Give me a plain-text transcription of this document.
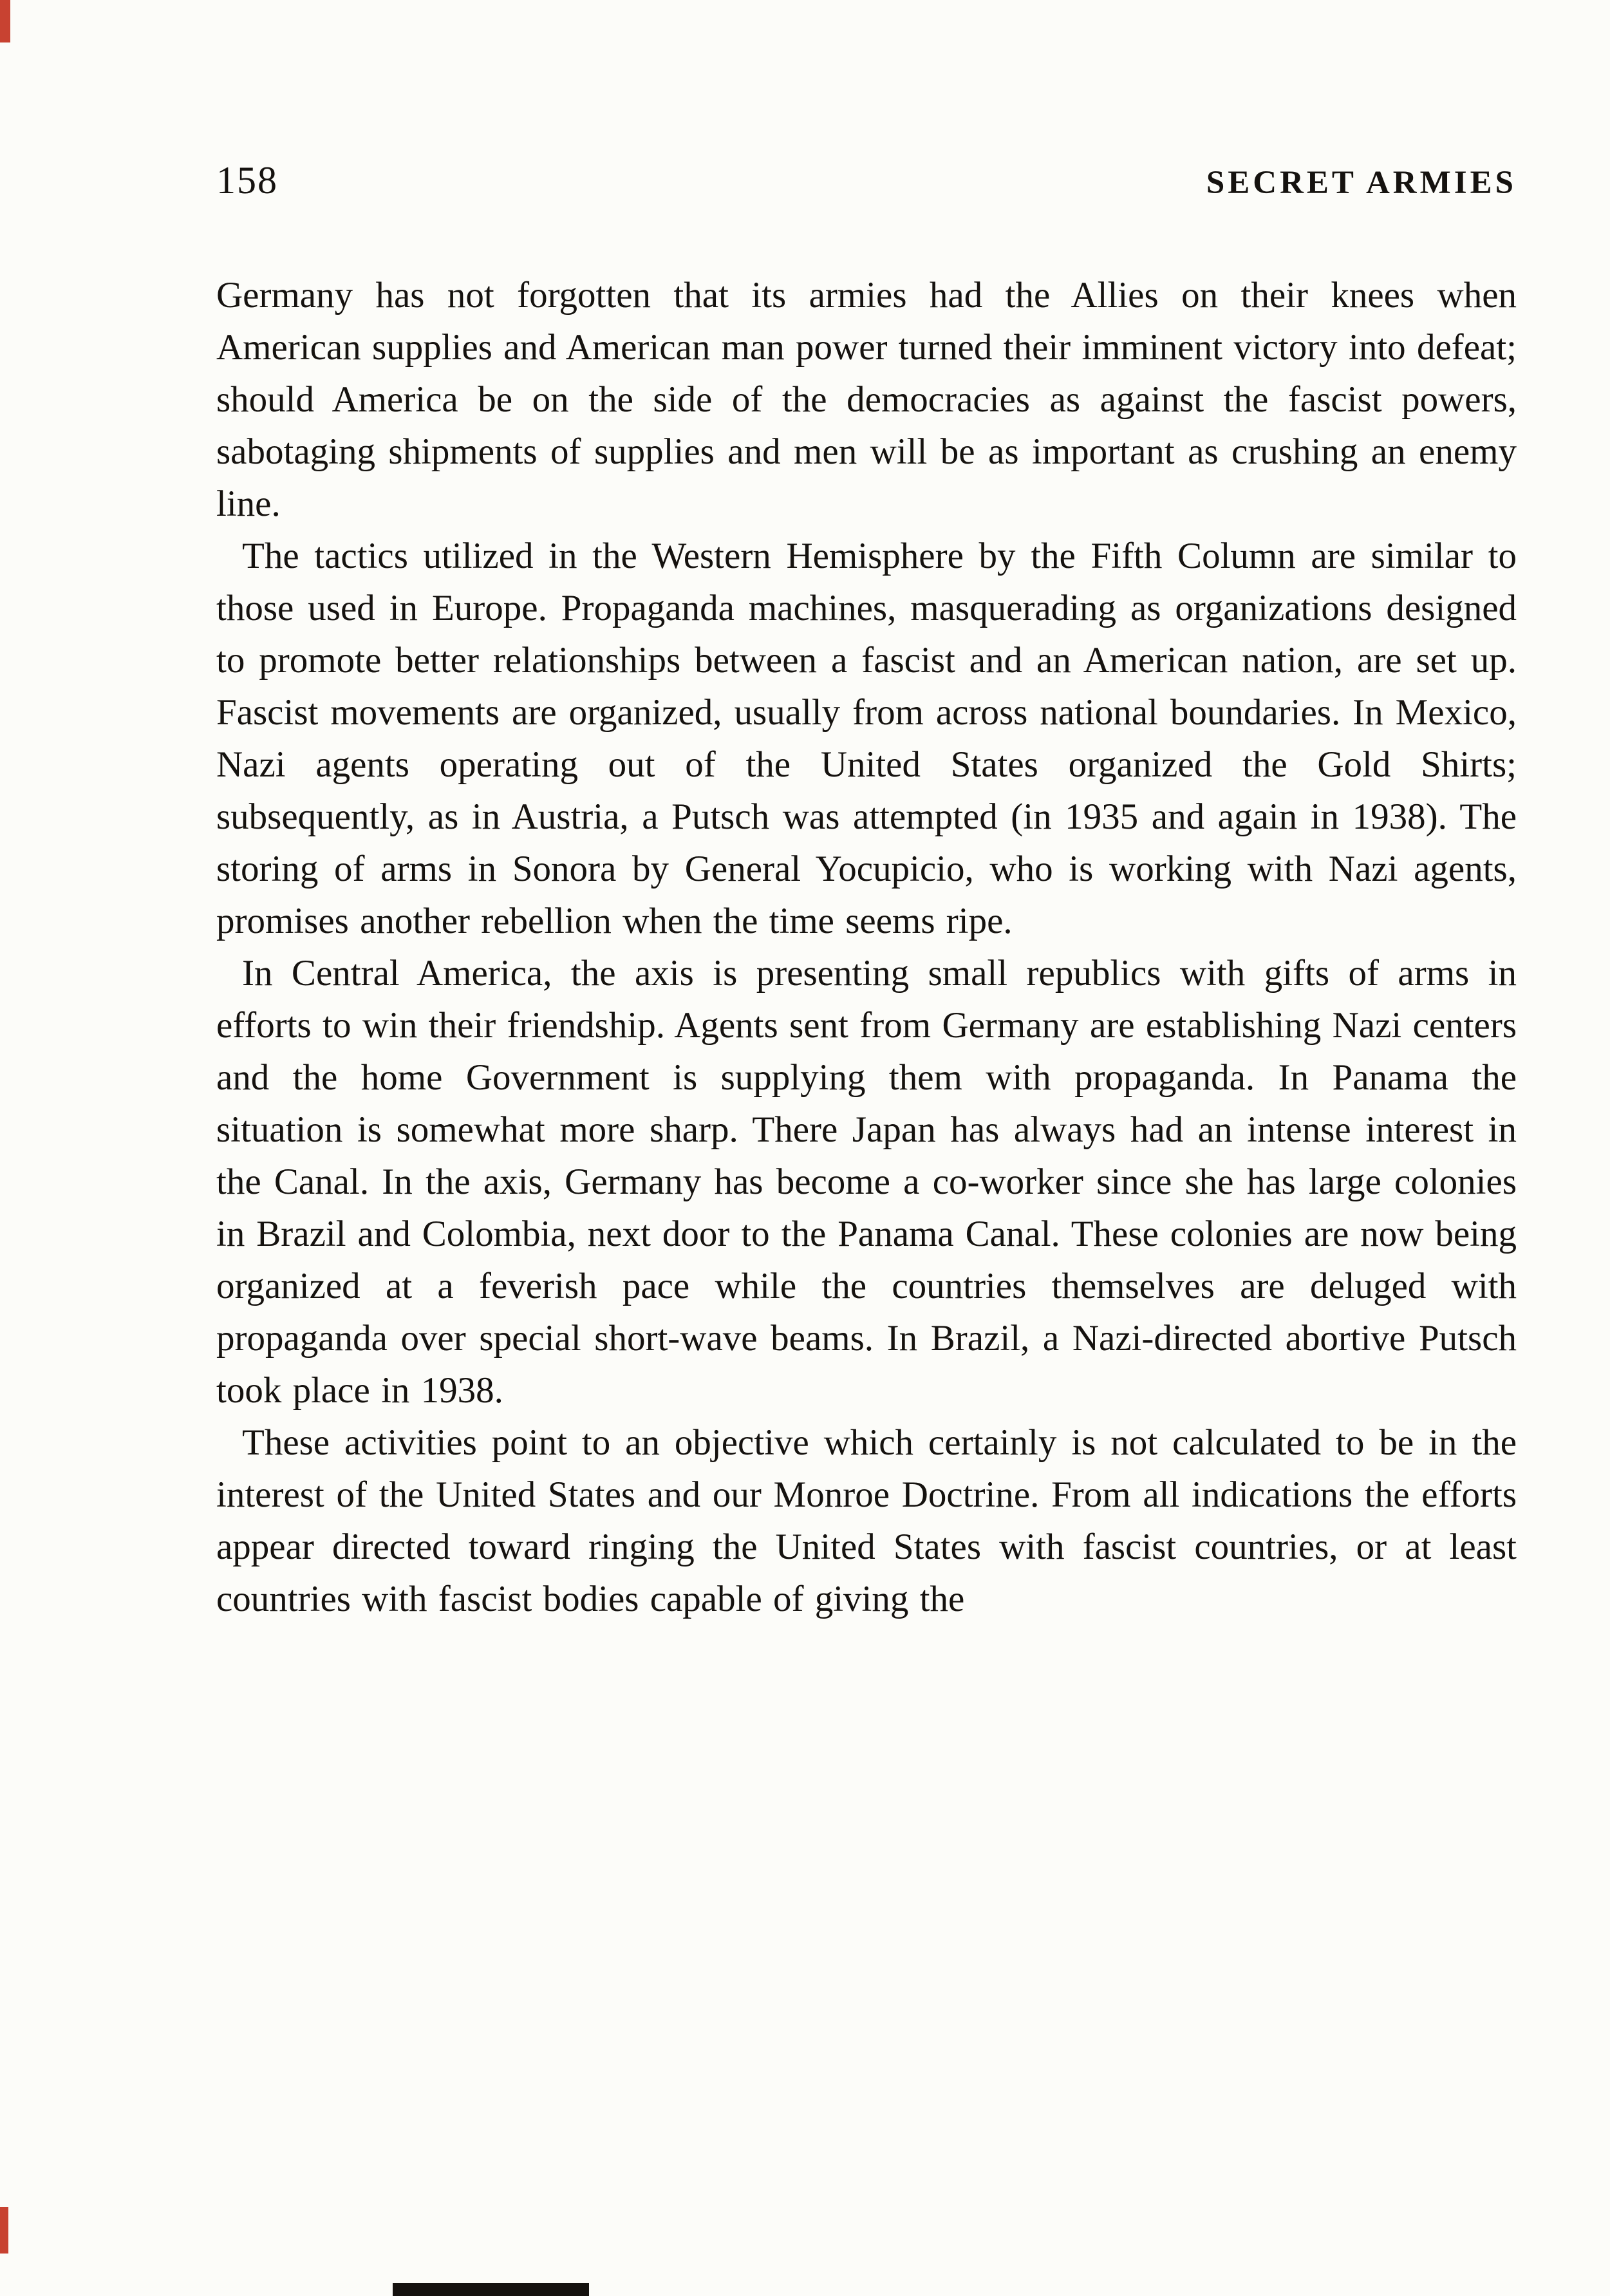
158	SECRET ARMIES

Germany has not forgotten that its armies had the Allies on their knees when American supplies and American man power turned their imminent victory into defeat; should America be on the side of the democracies as against the fascist powers, sabotaging shipments of supplies and men will be as important as crushing an enemy line.

The tactics utilized in the Western Hemisphere by the Fifth Column are similar to those used in Europe. Propaganda machines, masquerading as organizations designed to promote better relationships between a fascist and an American nation, are set up. Fascist movements are organized, usually from across national boundaries. In Mexico, Nazi agents operating out of the United States organized the Gold Shirts; subsequently, as in Austria, a Putsch was attempted (in 1935 and again in 1938). The storing of arms in Sonora by General Yocupicio, who is working with Nazi agents, promises another rebellion when the time seems ripe.

In Central America, the axis is presenting small republics with gifts of arms in efforts to win their friendship. Agents sent from Germany are establishing Nazi centers and the home Government is supplying them with propaganda. In Panama the situation is somewhat more sharp. There Japan has always had an intense interest in the Canal. In the axis, Germany has become a co-worker since she has large colonies in Brazil and Colombia, next door to the Panama Canal. These colonies are now being organized at a feverish pace while the countries themselves are deluged with propaganda over special short-wave beams. In Brazil, a Nazi-directed abortive Putsch took place in 1938.

These activities point to an objective which certainly is not calculated to be in the interest of the United States and our Monroe Doctrine. From all indications the efforts appear directed toward ringing the United States with fascist countries, or at least countries with fascist bodies capable of giving the
